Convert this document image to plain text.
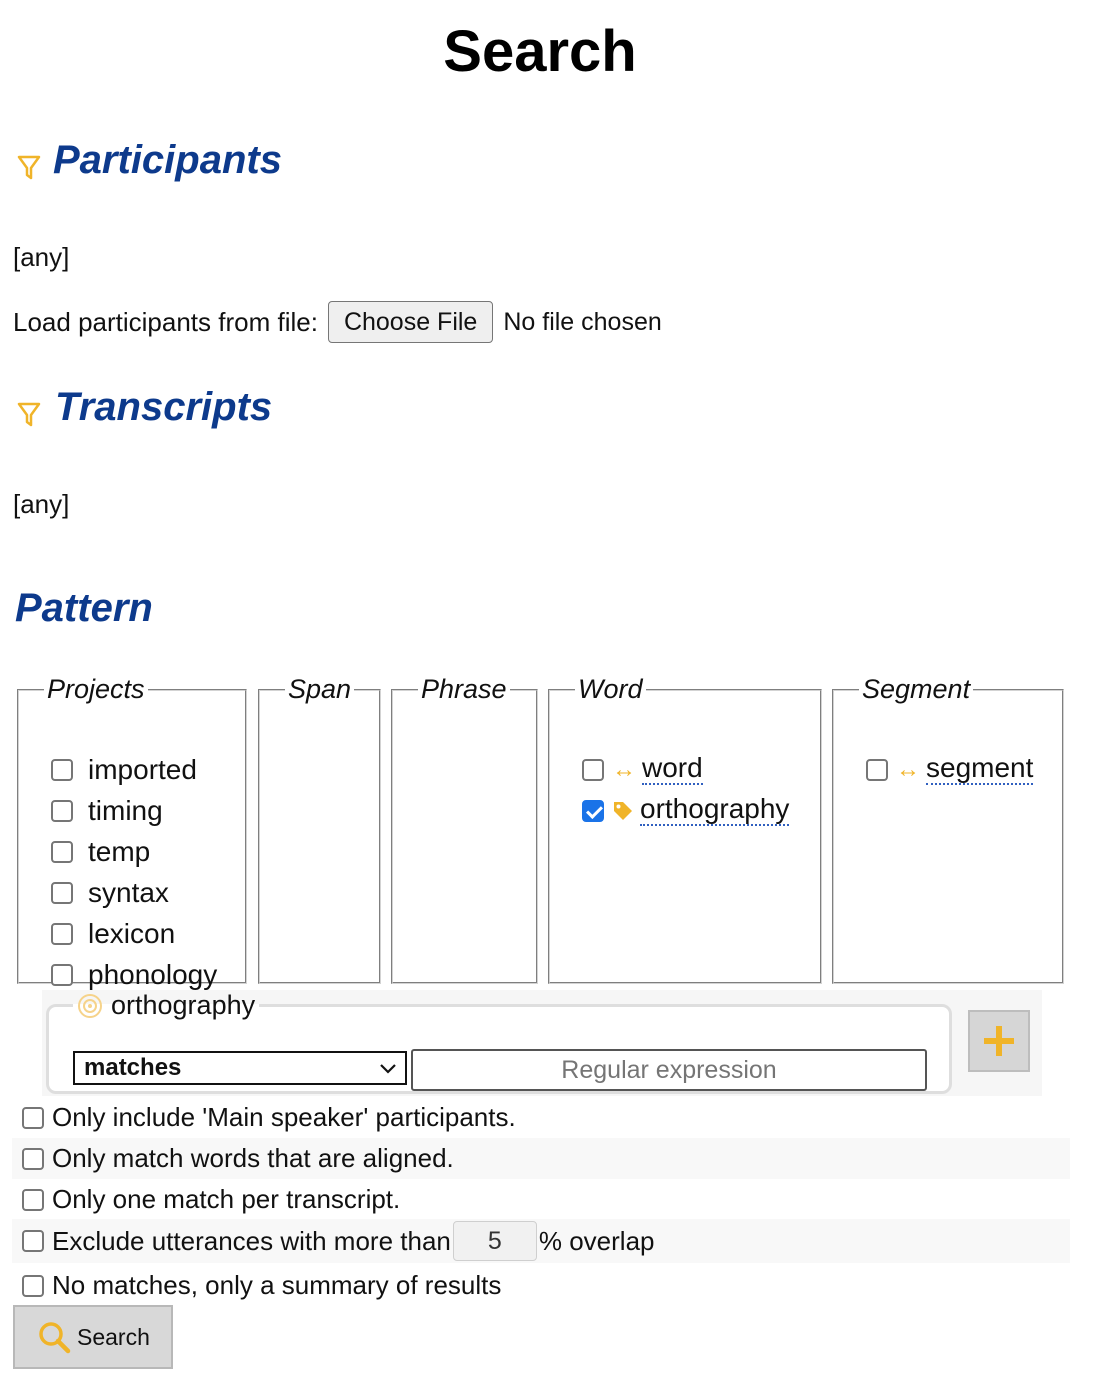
Search
Participants
[any]
Load participants from file:	Choose File	No file chosen
Transcripts
[any]
Pattern
Projects
imported
timing
temp
syntax
lexicon
phonology
Span	Phrase	Word
↔ word
orthography
Segment
↔ segment
orthography
matches
Regular expression
Only include 'Main speaker' participants.
Only match words that are aligned.
Only one match per transcript.
Exclude utterances with more than
5	% overlap
No matches, only a summary of results
Search
